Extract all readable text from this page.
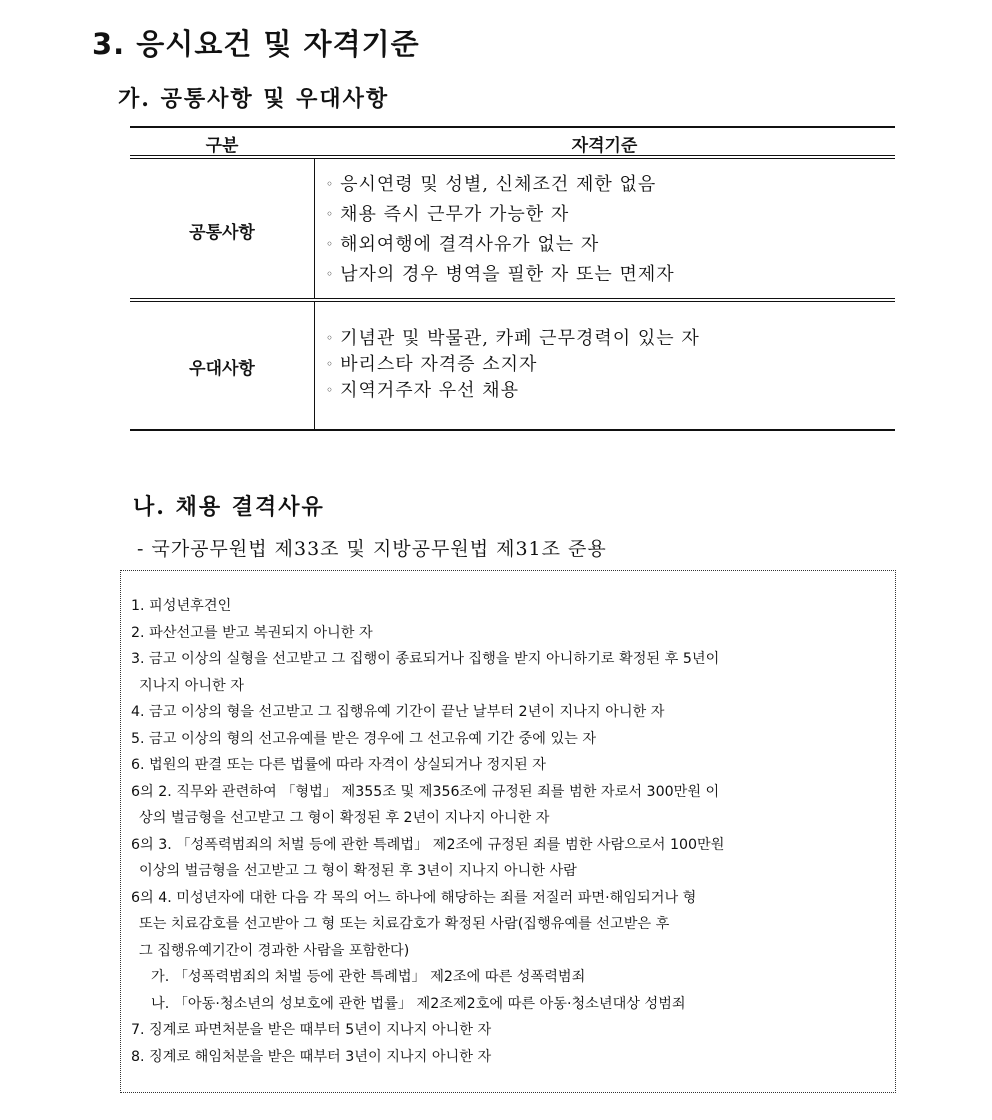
3. 응시요건 및 자격기준
가. 공통사항 및 우대사항
구분	자격기준
공통사항
◦ 응시연령 및 성별, 신체조건 제한 없음
◦ 채용 즉시 근무가 가능한 자
◦ 해외여행에 결격사유가 없는 자
◦ 남자의 경우 병역을 필한 자 또는 면제자
우대사항
◦ 기념관 및 박물관, 카페 근무경력이 있는 자
◦ 바리스타 자격증 소지자
◦ 지역거주자 우선 채용
나. 채용 결격사유
- 국가공무원법 제33조 및 지방공무원법 제31조 준용
1. 피성년후견인
2. 파산선고를 받고 복권되지 아니한 자
3. 금고 이상의 실형을 선고받고 그 집행이 종료되거나 집행을 받지 아니하기로 확정된 후 5년이
지나지 아니한 자
4. 금고 이상의 형을 선고받고 그 집행유예 기간이 끝난 날부터 2년이 지나지 아니한 자
5. 금고 이상의 형의 선고유예를 받은 경우에 그 선고유예 기간 중에 있는 자
6. 법원의 판결 또는 다른 법률에 따라 자격이 상실되거나 정지된 자
6의 2. 직무와 관련하여 「형법」 제355조 및 제356조에 규정된 죄를 범한 자로서 300만원 이
상의 벌금형을 선고받고 그 형이 확정된 후 2년이 지나지 아니한 자
6의 3. 「성폭력범죄의 처벌 등에 관한 특례법」 제2조에 규정된 죄를 범한 사람으로서 100만원
이상의 벌금형을 선고받고 그 형이 확정된 후 3년이 지나지 아니한 사람
6의 4. 미성년자에 대한 다음 각 목의 어느 하나에 해당하는 죄를 저질러 파면·해임되거나 형
또는 치료감호를 선고받아 그 형 또는 치료감호가 확정된 사람(집행유예를 선고받은 후
그 집행유예기간이 경과한 사람을 포함한다)
가. 「성폭력범죄의 처벌 등에 관한 특례법」 제2조에 따른 성폭력범죄
나. 「아동·청소년의 성보호에 관한 법률」 제2조제2호에 따른 아동·청소년대상 성범죄
7. 징계로 파면처분을 받은 때부터 5년이 지나지 아니한 자
8. 징계로 해임처분을 받은 때부터 3년이 지나지 아니한 자
